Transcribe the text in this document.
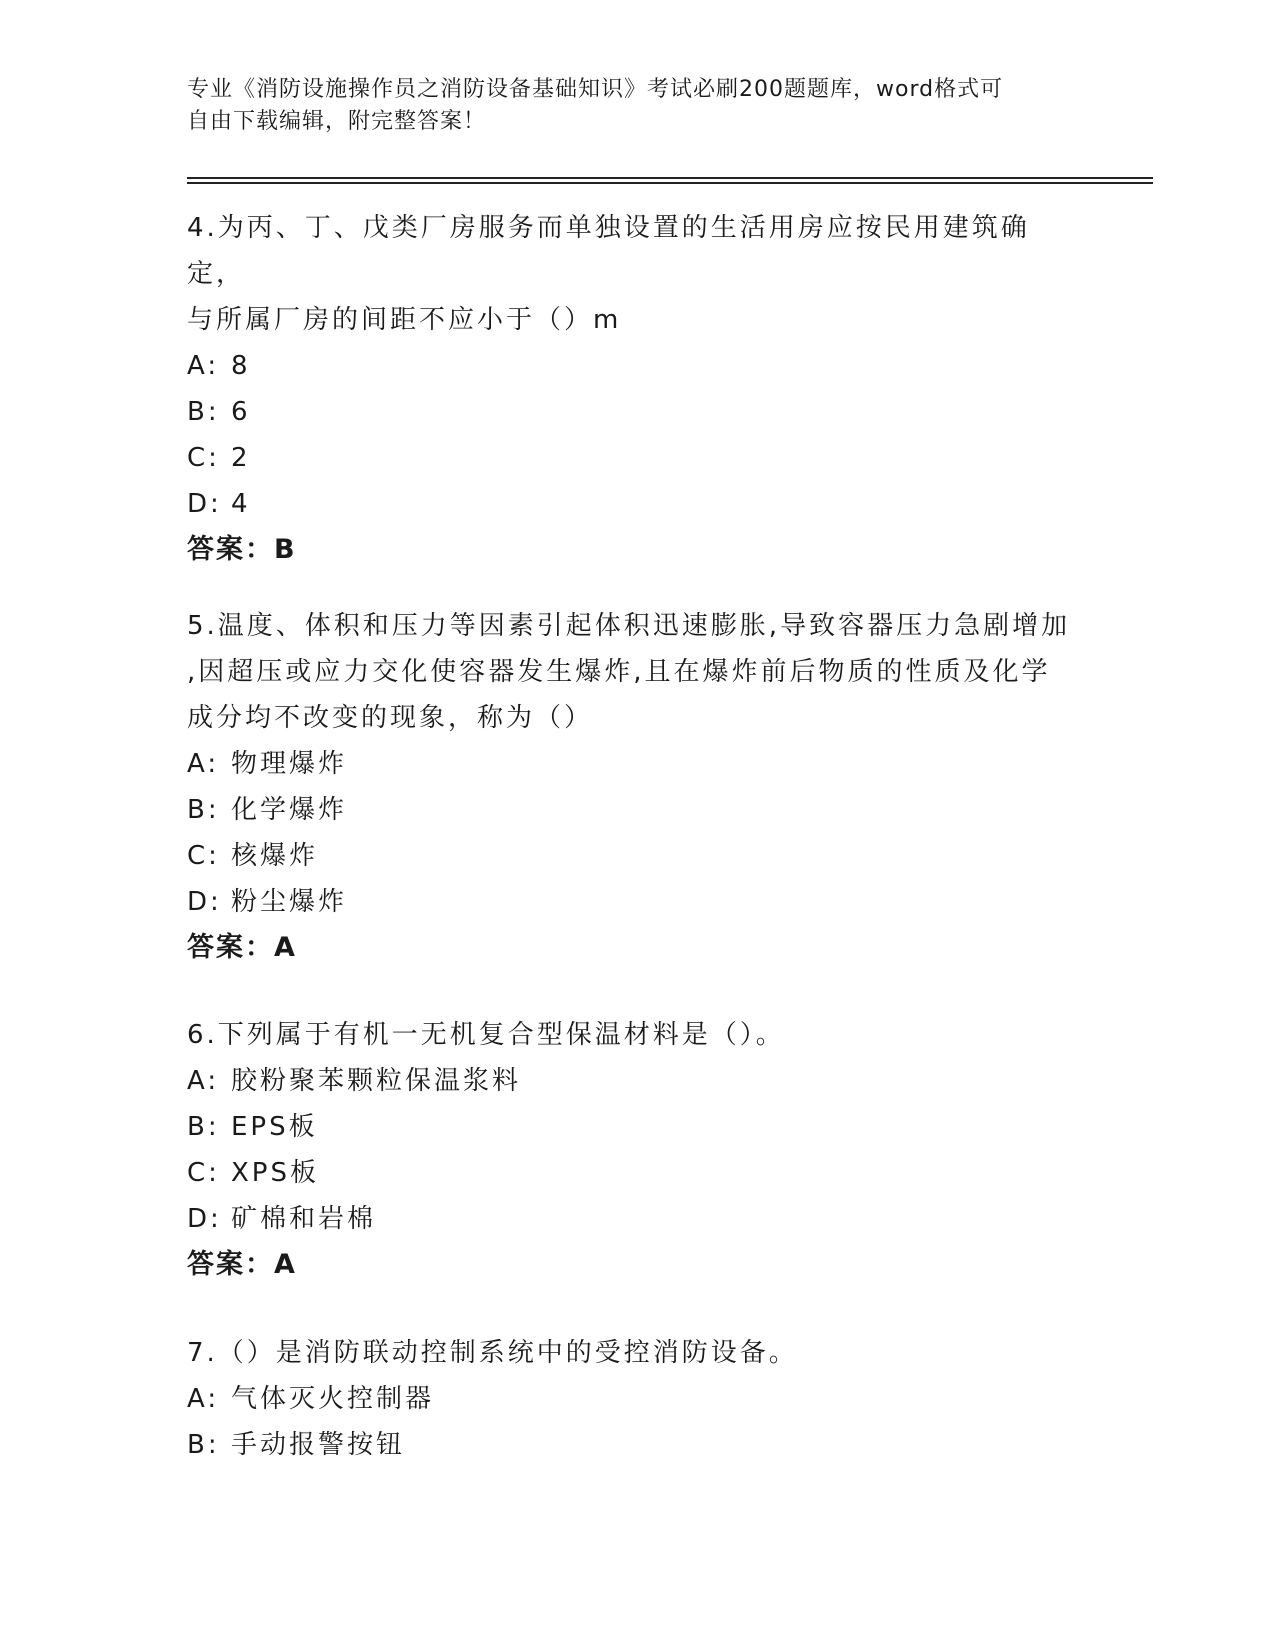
专业《消防设施操作员之消防设备基础知识》考试必刷200题题库，word格式可
自由下载编辑，附完整答案！
4.为丙、丁、戊类厂房服务而单独设置的生活用房应按民用建筑确定，
与所属厂房的间距不应小于（）m
A: 8
B: 6
C: 2
D: 4
答案：B
5.温度、体积和压力等因素引起体积迅速膨胀,导致容器压力急剧增加
,因超压或应力交化使容器发生爆炸,且在爆炸前后物质的性质及化学
成分均不改变的现象，称为（）
A: 物理爆炸
B: 化学爆炸
C: 核爆炸
D: 粉尘爆炸
答案：A
6.下列属于有机一无机复合型保温材料是（）。
A: 胶粉聚苯颗粒保温浆料
B: EPS板
C: XPS板
D: 矿棉和岩棉
答案：A
7.（）是消防联动控制系统中的受控消防设备。
A: 气体灭火控制器
B: 手动报警按钮
